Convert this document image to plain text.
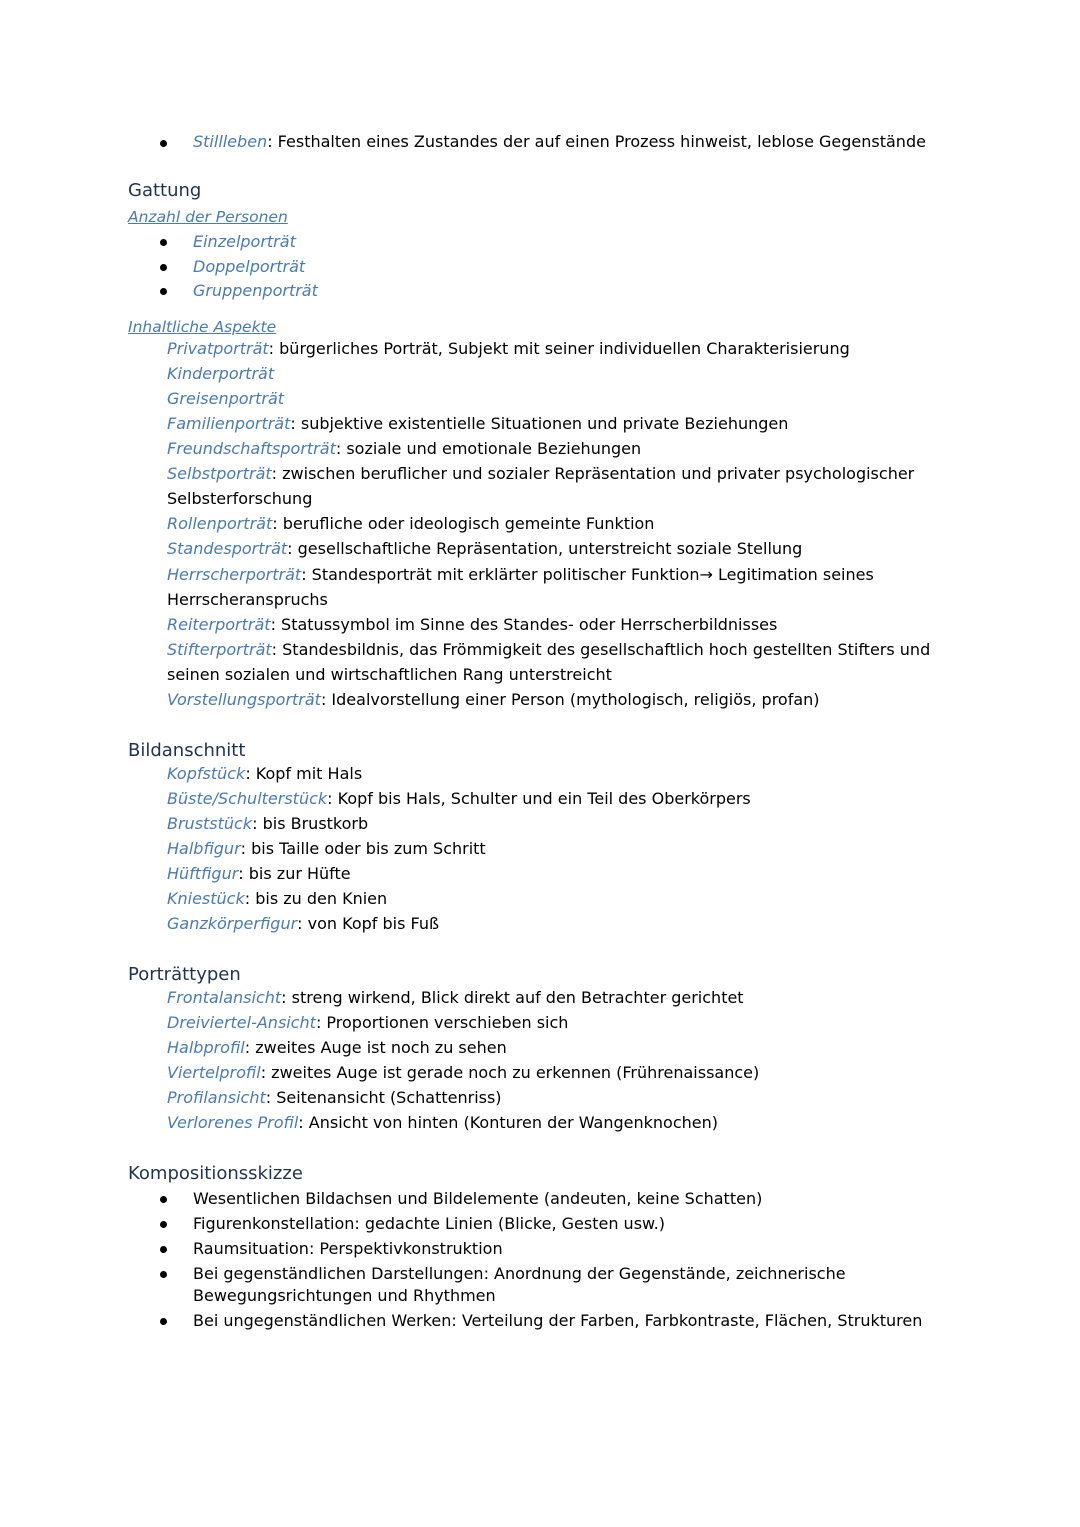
Stillleben: Festhalten eines Zustandes der auf einen Prozess hinweist, leblose Gegenstände
Gattung
Anzahl der Personen
Einzelporträt
Doppelporträt
Gruppenporträt
Inhaltliche Aspekte
Privatporträt: bürgerliches Porträt, Subjekt mit seiner individuellen Charakterisierung
Kinderporträt
Greisenporträt
Familienporträt: subjektive existentielle Situationen und private Beziehungen
Freundschaftsporträt: soziale und emotionale Beziehungen
Selbstporträt: zwischen beruflicher und sozialer Repräsentation und privater psychologischer
Selbsterforschung
Rollenporträt: berufliche oder ideologisch gemeinte Funktion
Standesporträt: gesellschaftliche Repräsentation, unterstreicht soziale Stellung
Herrscherporträt: Standesporträt mit erklärter politischer Funktion→ Legitimation seines
Herrscheranspruchs
Reiterporträt: Statussymbol im Sinne des Standes- oder Herrscherbildnisses
Stifterporträt: Standesbildnis, das Frömmigkeit des gesellschaftlich hoch gestellten Stifters und
seinen sozialen und wirtschaftlichen Rang unterstreicht
Vorstellungsporträt: Idealvorstellung einer Person (mythologisch, religiös, profan)
Bildanschnitt
Kopfstück: Kopf mit Hals
Büste/Schulterstück: Kopf bis Hals, Schulter und ein Teil des Oberkörpers
Bruststück: bis Brustkorb
Halbfigur: bis Taille oder bis zum Schritt
Hüftfigur: bis zur Hüfte
Kniestück: bis zu den Knien
Ganzkörperfigur: von Kopf bis Fuß
Porträttypen
Frontalansicht: streng wirkend, Blick direkt auf den Betrachter gerichtet
Dreiviertel-Ansicht: Proportionen verschieben sich
Halbprofil: zweites Auge ist noch zu sehen
Viertelprofil: zweites Auge ist gerade noch zu erkennen (Frührenaissance)
Profilansicht: Seitenansicht (Schattenriss)
Verlorenes Profil: Ansicht von hinten (Konturen der Wangenknochen)
Kompositionsskizze
Wesentlichen Bildachsen und Bildelemente (andeuten, keine Schatten)
Figurenkonstellation: gedachte Linien (Blicke, Gesten usw.)
Raumsituation: Perspektivkonstruktion
Bei gegenständlichen Darstellungen: Anordnung der Gegenstände, zeichnerische
Bewegungsrichtungen und Rhythmen
Bei ungegenständlichen Werken: Verteilung der Farben, Farbkontraste, Flächen, Strukturen
